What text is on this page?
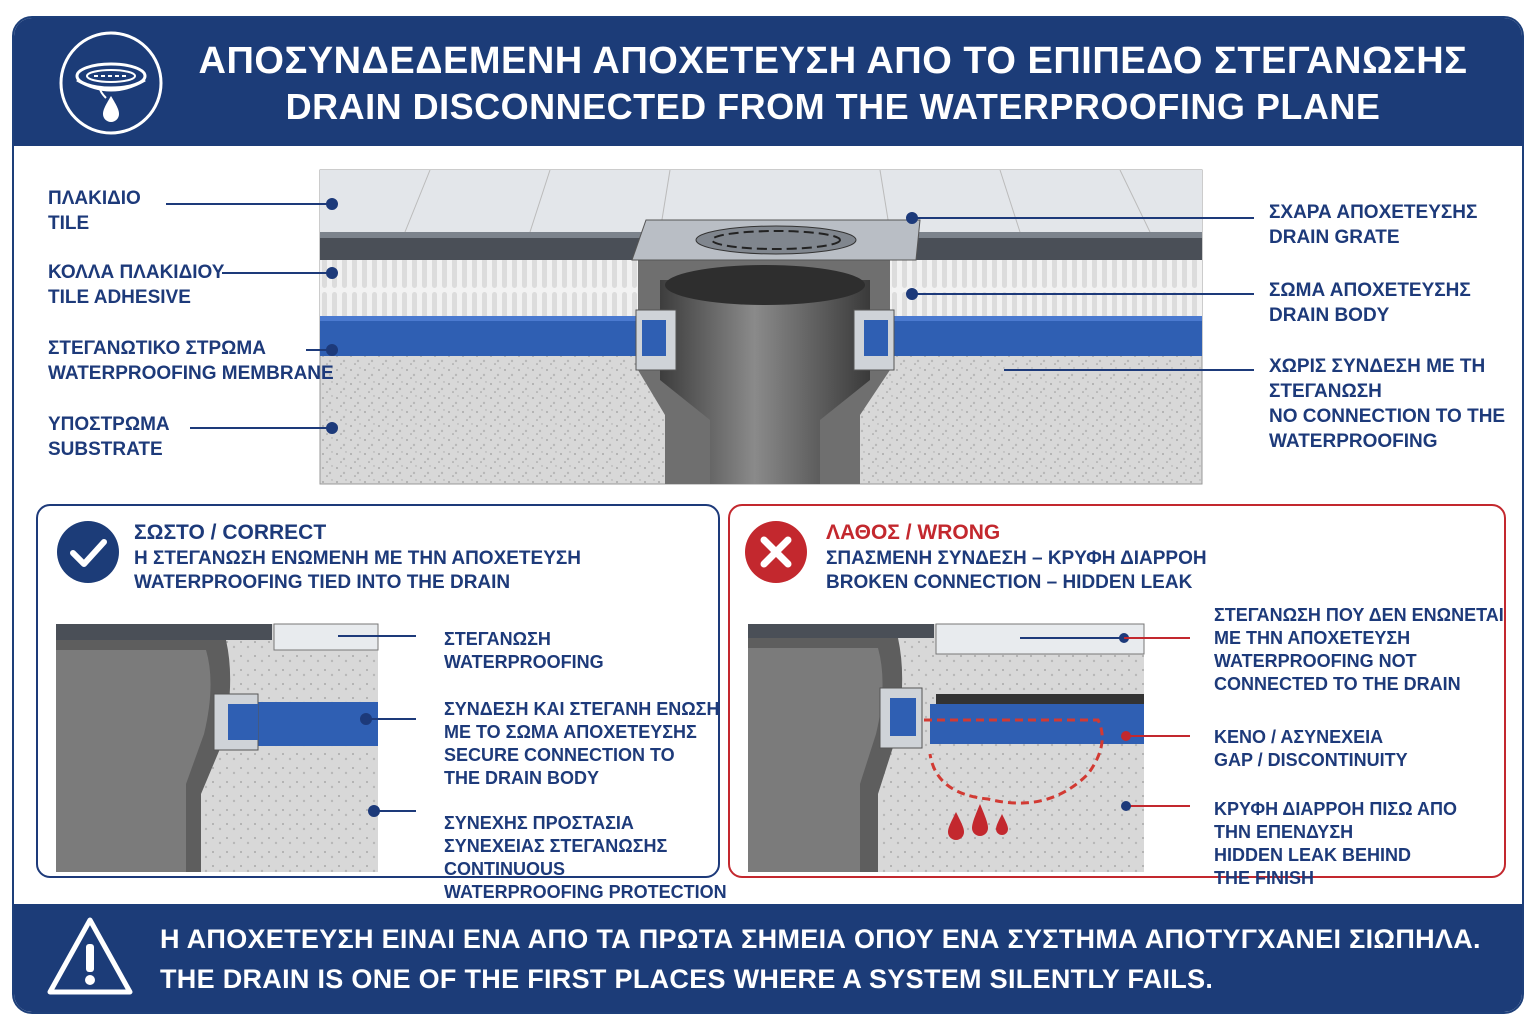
ΑΠΟΣΥΝΔΕΔΕΜΕΝΗ ΑΠΟΧΕΤΕΥΣΗ ΑΠΟ ΤΟ ΕΠΙΠΕΔΟ ΣΤΕΓΑΝΩΣΗΣ
DRAIN DISCONNECTED FROM THE WATERPROOFING PLANE
ΠΛΑΚΙΔΙΟ
TILE
ΚΟΛΛΑ ΠΛΑΚΙΔΙΟΥ
TILE ADHESIVE
ΣΤΕΓΑΝΩΤΙΚΟ ΣΤΡΩΜΑ
WATERPROOFING MEMBRANE
ΥΠΟΣΤΡΩΜΑ
SUBSTRATE
ΣΧΑΡΑ ΑΠΟΧΕΤΕΥΣΗΣ
DRAIN GRATE
ΣΩΜΑ ΑΠΟΧΕΤΕΥΣΗΣ
DRAIN BODY
ΧΩΡΙΣ ΣΥΝΔΕΣΗ ΜΕ ΤΗ
ΣΤΕΓΑΝΩΣΗ
NO CONNECTION TO THE
WATERPROOFING
ΣΩΣΤΟ / CORRECT
Η ΣΤΕΓΑΝΩΣΗ ΕΝΩΜΕΝΗ ΜΕ ΤΗΝ ΑΠΟΧΕΤΕΥΣΗ
WATERPROOFING TIED INTO THE DRAIN
ΣΤΕΓΑΝΩΣΗ
WATERPROOFING
ΣΥΝΔΕΣΗ ΚΑΙ ΣΤΕΓΑΝΗ ΕΝΩΣΗ
ΜΕ ΤΟ ΣΩΜΑ ΑΠΟΧΕΤΕΥΣΗΣ
SECURE CONNECTION TO
THE DRAIN BODY
ΣΥΝΕΧΗΣ ΠΡΟΣΤΑΣΙΑ
ΣΥΝΕΧΕΙΑΣ ΣΤΕΓΑΝΩΣΗΣ
CONTINUOUS
WATERPROOFING PROTECTION
ΛΑΘΟΣ / WRONG
ΣΠΑΣΜΕΝΗ ΣΥΝΔΕΣΗ – ΚΡΥΦΗ ΔΙΑΡΡΟΗ
BROKEN CONNECTION – HIDDEN LEAK
ΣΤΕΓΑΝΩΣΗ ΠΟΥ ΔΕΝ ΕΝΩΝΕΤΑΙ
ΜΕ ΤΗΝ ΑΠΟΧΕΤΕΥΣΗ
WATERPROOFING NOT
CONNECTED TO THE DRAIN
ΚΕΝΟ / ΑΣΥΝΕΧΕΙΑ
GAP / DISCONTINUITY
ΚΡΥΦΗ ΔΙΑΡΡΟΗ ΠΙΣΩ ΑΠΟ
ΤΗΝ ΕΠΕΝΔΥΣΗ
HIDDEN LEAK BEHIND
THE FINISH
Η ΑΠΟΧΕΤΕΥΣΗ ΕΙΝΑΙ ΕΝΑ ΑΠΟ ΤΑ ΠΡΩΤΑ ΣΗΜΕΙΑ ΟΠΟΥ ΕΝΑ ΣΥΣΤΗΜΑ ΑΠΟΤΥΓΧΑΝΕΙ ΣΙΩΠΗΛΑ.
THE DRAIN IS ONE OF THE FIRST PLACES WHERE A SYSTEM SILENTLY FAILS.
